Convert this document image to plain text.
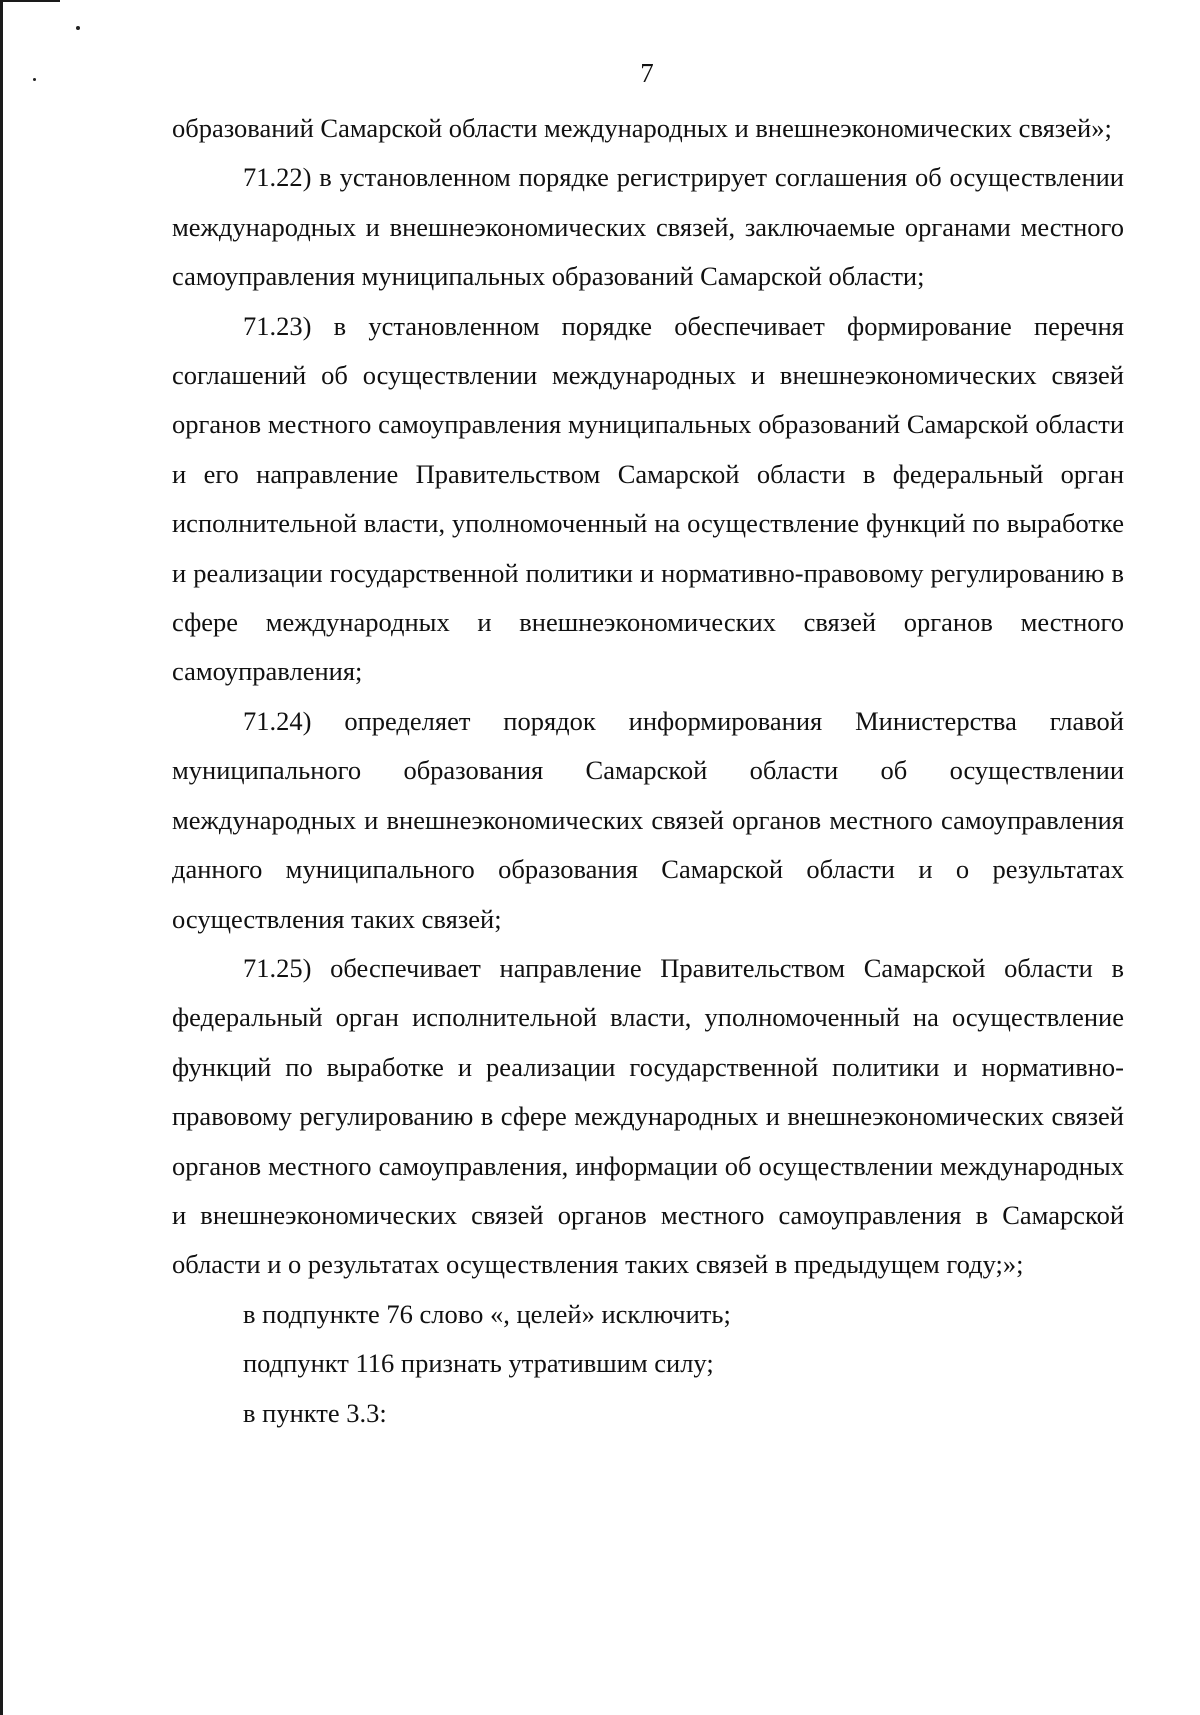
7

образований Самарской области международных и внешнеэкономических связей»;

71.22) в установленном порядке регистрирует соглашения об осуществлении международных и внешнеэкономических связей, заключаемые органами местного самоуправления муниципальных образований Самарской области;

71.23) в установленном порядке обеспечивает формирование перечня соглашений об осуществлении международных и внешнеэкономических связей органов местного самоуправления муниципальных образований Самарской области и его направление Правительством Самарской области в федеральный орган исполнительной власти, уполномоченный на осуществление функций по выработке и реализации государственной политики и нормативно-правовому регулированию в сфере международных и внешнеэкономических связей органов местного самоуправления;

71.24) определяет порядок информирования Министерства главой муниципального образования Самарской области об осуществлении международных и внешнеэкономических связей органов местного самоуправления данного муниципального образования Самарской области и о результатах осуществления таких связей;

71.25) обеспечивает направление Правительством Самарской области в федеральный орган исполнительной власти, уполномоченный на осуществление функций по выработке и реализации государственной политики и нормативно-правовому регулированию в сфере международных и внешнеэкономических связей органов местного самоуправления, информации об осуществлении международных и внешнеэкономических связей органов местного самоуправления в Самарской области и о результатах осуществления таких связей в предыдущем году;»;

в подпункте 76 слово «, целей» исключить;

подпункт 116 признать утратившим силу;

в пункте 3.3:
